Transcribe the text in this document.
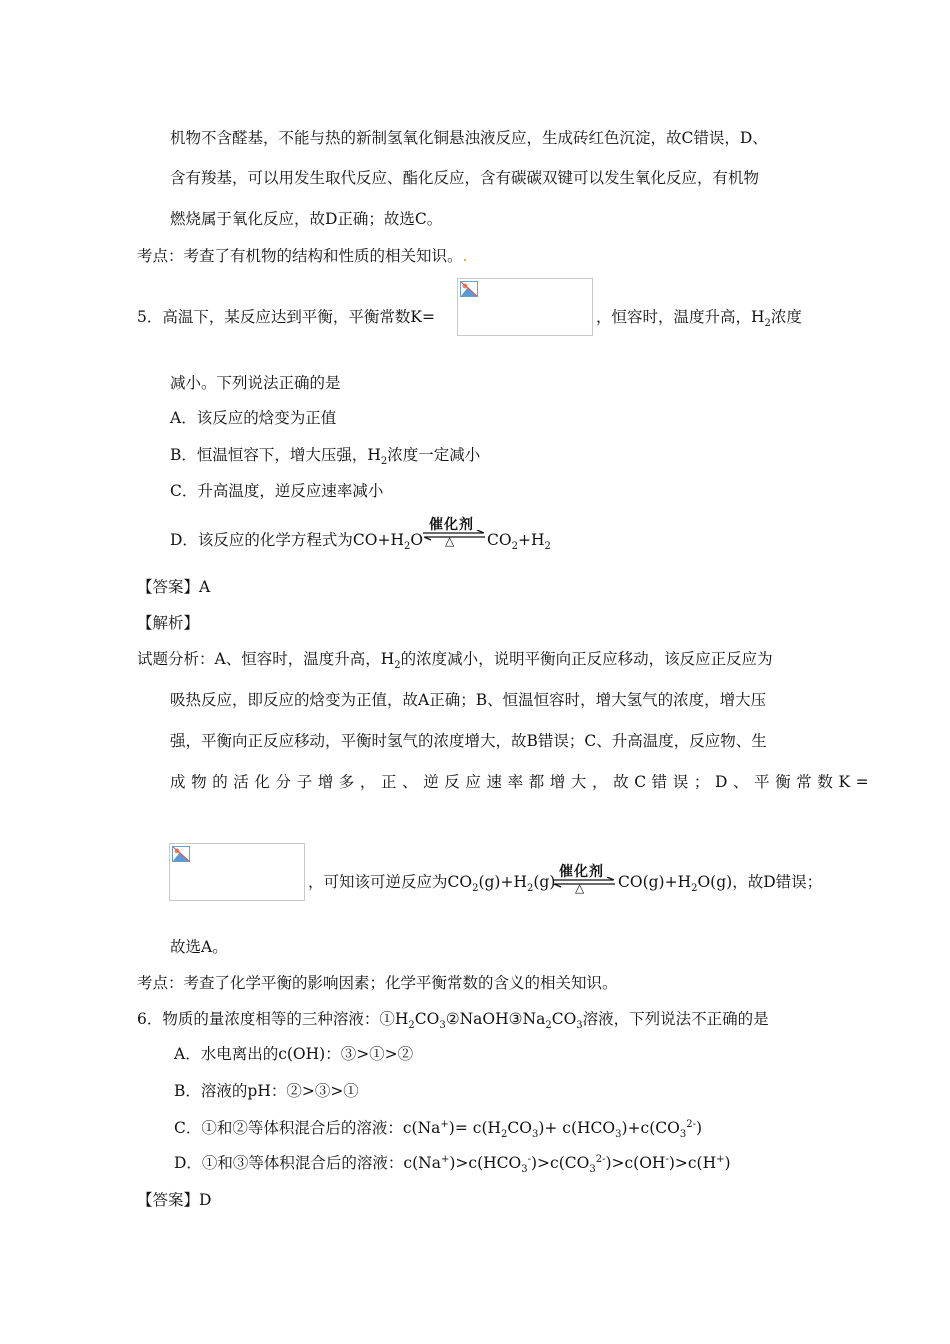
机物不含醛基，不能与热的新制氢氧化铜悬浊液反应，生成砖红色沉淀，故C错误，D、
含有羧基，可以用发生取代反应、酯化反应，含有碳碳双键可以发生氧化反应，有机物
燃烧属于氧化反应，故D正确；故选C。
考点：考查了有机物的结构和性质的相关知识。.
5．高温下，某反应达到平衡，平衡常数K=	，恒容时，温度升高，$H_2$浓度
减小。下列说法正确的是
A．该反应的焓变为正值
B．恒温恒容下，增大压强，$H_2$浓度一定减小
C．升高温度，逆反应速率减小
D．该反应的化学方程式为$CO+H_2O$
催化剂
△ $CO_2+H_2$
【答案】A
【解析】
试题分析：A、恒容时，温度升高，$H_2$的浓度减小，说明平衡向正反应移动，该反应正反应为
吸热反应，即反应的焓变为正值，故A正确；B、恒温恒容时，增大氢气的浓度，增大压
强，平衡向正反应移动，平衡时氢气的浓度增大，故B错误；C、升高温度，反应物、生
成物的活化分子增多，正、逆反应速率都增大，故C错误；D、平衡常数K=
，可知该可逆反应为$CO_2(g)+H_2(g)$
催化剂
△ $CO(g)+H_2O(g)$，故D错误；
故选A。
考点：考查了化学平衡的影响因素；化学平衡常数的含义的相关知识。
6．物质的量浓度相等的三种溶液：$①H_2CO_3②NaOH③Na_2CO_3$溶液，下列说法不正确的是
A．水电离出的c(OH)：③>①>②
B．溶液的pH：②>③>①
C．①和②等体积混合后的溶液：$c(Na^+)= c(H_2CO_3)+ c(HCO_3)+c(CO_3^{2-})$
D．①和③等体积混合后的溶液：$c(Na^+)>c(HCO_3^-)>c(CO_3^{2-})>c(OH^-)>c(H^+)$
【答案】D
